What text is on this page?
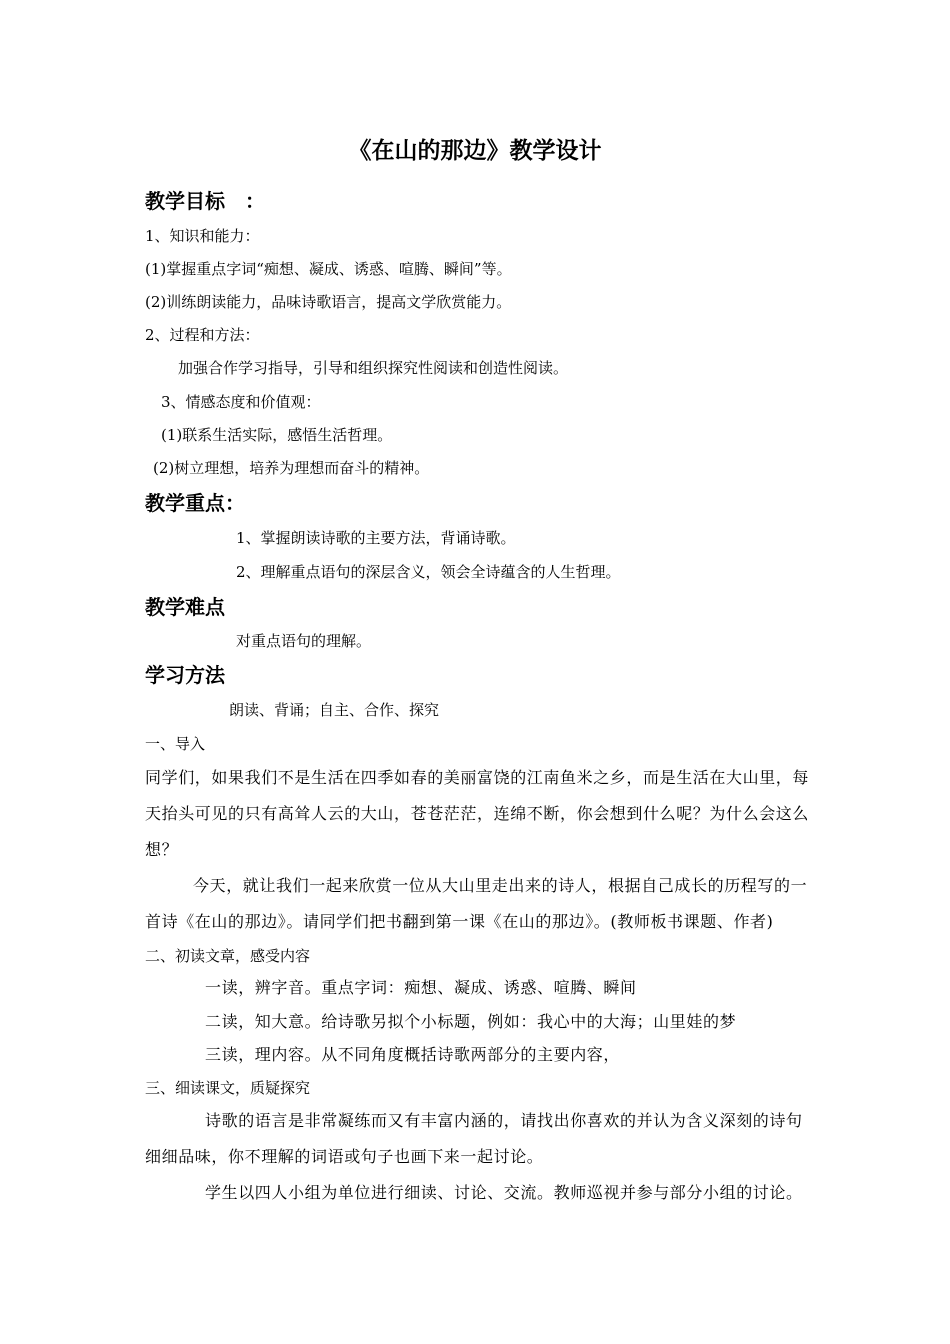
《在山的那边》教学设计
教学目标　：
1、知识和能力：
(1)掌握重点字词“痴想、凝成、诱惑、喧腾、瞬间”等。
(2)训练朗读能力，品味诗歌语言，提高文学欣赏能力。
2、过程和方法：
加强合作学习指导，引导和组织探究性阅读和创造性阅读。
3、情感态度和价值观：
(1)联系生活实际，感悟生活哲理。
(2)树立理想，培养为理想而奋斗的精神。
教学重点：
1、掌握朗读诗歌的主要方法，背诵诗歌。
2、理解重点语句的深层含义，领会全诗蕴含的人生哲理。
教学难点
对重点语句的理解。
学习方法
朗读、背诵；自主、合作、探究
一、导入
同学们，如果我们不是生活在四季如春的美丽富饶的江南鱼米之乡，而是生活在大山里，每
天抬头可见的只有高耸人云的大山，苍苍茫茫，连绵不断，你会想到什么呢？为什么会这么
想？
今天，就让我们一起来欣赏一位从大山里走出来的诗人，根据自己成长的历程写的一
首诗《在山的那边》。请同学们把书翻到第一课《在山的那边》。(教师板书课题、作者)
二、初读文章，感受内容
一读，辨字音。重点字词：痴想、凝成、诱惑、喧腾、瞬间
二读，知大意。给诗歌另拟个小标题，例如：我心中的大海；山里娃的梦
三读，理内容。从不同角度概括诗歌两部分的主要内容，
三、细读课文，质疑探究
诗歌的语言是非常凝练而又有丰富内涵的，请找出你喜欢的并认为含义深刻的诗句
细细品味，你不理解的词语或句子也画下来一起讨论。
学生以四人小组为单位进行细读、讨论、交流。教师巡视并参与部分小组的讨论。
